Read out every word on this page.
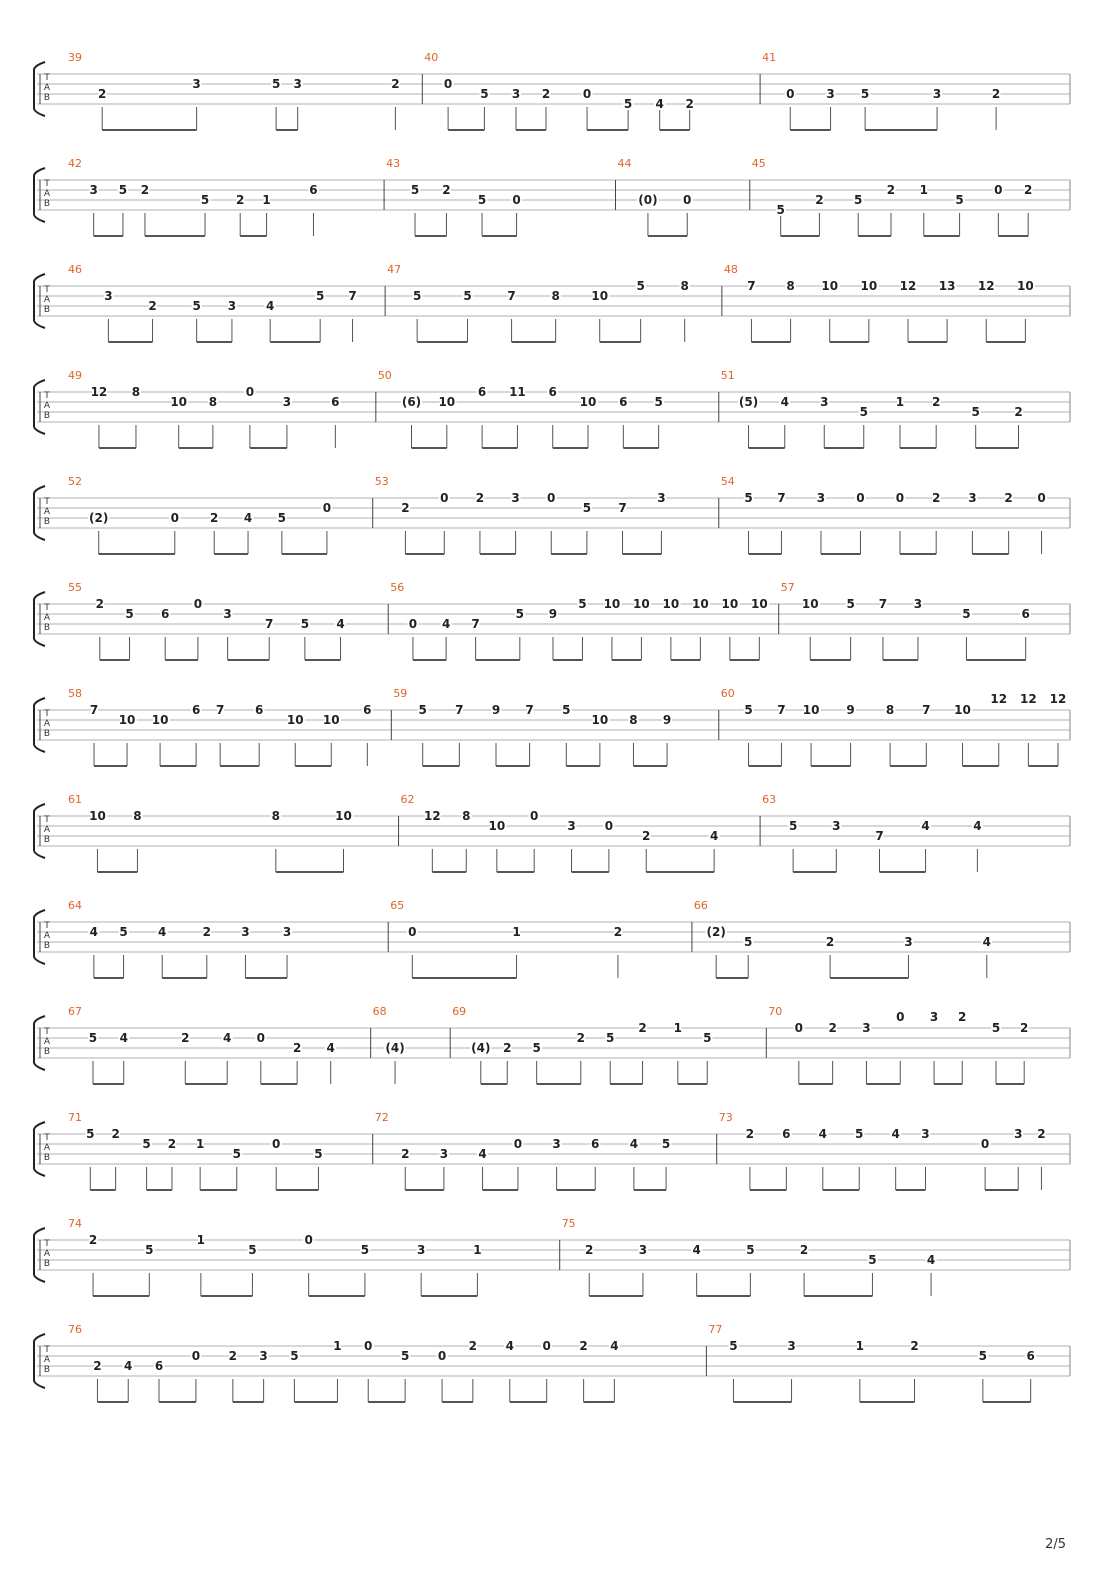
T
A
B
39
2
3	5 3	2
40
0
5 3 2	0
5 4 2
41
0	3 5	3	2
T
A
B
42
3 5 2
5 2 1
6
43
5 2
5 0
44
(0) 0
45
5
2	5
2 1
5
0 2
T
A
B
46
3
2	5 3 4
5 7
47
5	5	7	8	10
5	8
48
7	8 10 10 12 13 12 10
T
A
B
49
12 8
10 8
0
3	6
50
(6) 10
6 11 6
10 6 5
51
(5) 4	3
5
1 2
5	2
T
A
B
52
(2)	0	2 4 5
0
53
2
0 2 3 0
5 7
3
54
5 7	3	0	0 2 3 2 0
T
A
B
55
2
5 6
0
3
7 5 4
56
0 4 7
5 9
5 10 10 10 10 10 10
57
10 5 7 3
5	6
T
A
B
58
7
10 10
6 7	6
10 10
6
59
5 7 9 7 5
10 8 9
60
5 7 10 9	8 7 10
12 12 12
T
A
B
61
10 8	8	10
62
12 8
10
0
3 0
2	4
63
5	3
7
4	4
T
A
B
64
4 5	4	2	3	3
65
0	1	2
66
(2)
5	2	3	4
T
A
B
67
5 4	2	4 0
2 4
68
(4)
69
(4) 2 5
2 5
2 1
5
70
0 2 3
0 3 2
5 2
T
A
B
71
5 2
5 2 1
5
0
5
72
2	3	4
0	3	6	4 5
73
2 6 4 5 4 3
0
3 2
T
A
B
74
2
5
1
5
0
5	3	1
75
2	3	4	5	2
5	4
T
A
B
76
2 4 6
0 2 3 5
1 0
5 0
2 4 0 2 4
77
5	3	1	2
5	6
2/5
